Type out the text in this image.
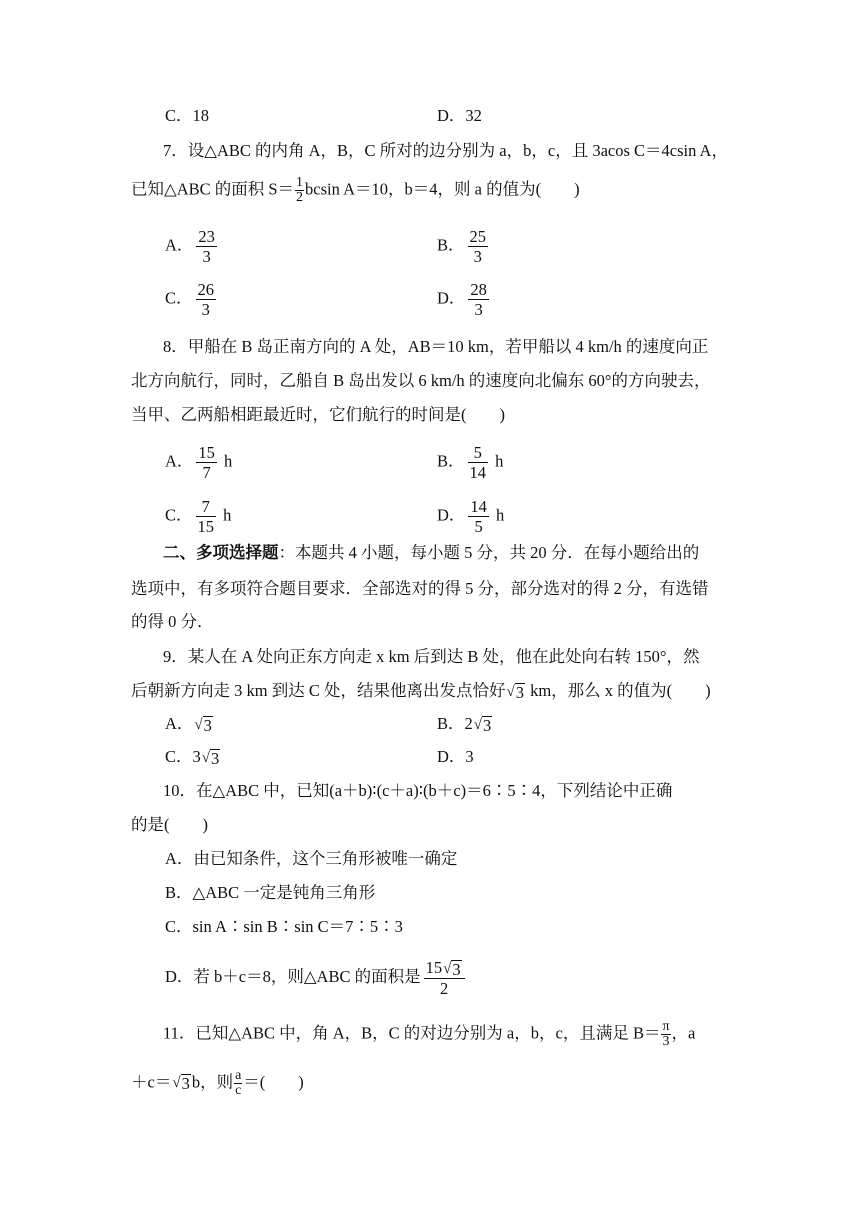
C．18	D．32
7．设△ABC 的内角 A，B，C 所对的边分别为 a，b，c，且 3acos C＝4csin A，
已知△ABC 的面积 $S= \frac{1}{2}$ bcsin A＝10，b＝4，则 a 的值为(　　)
A． $\frac{23}{3}$	B． $\frac{25}{3}$
C． $\frac{26}{3}$	D． $\frac{28}{3}$
8．甲船在 B 岛正南方向的 A 处，AB＝10 km，若甲船以 4 km/h 的速度向正
北方向航行，同时，乙船自 B 岛出发以 6 km/h 的速度向北偏东 60°的方向驶去，
当甲、乙两船相距最近时，它们航行的时间是(　　)
A． $\frac{15}{7}$ h	B． $\frac{5}{14}$ h
C． $\frac{7}{15}$ h	D． $\frac{14}{5}$ h
二、多项选择题：本题共 4 小题，每小题 5 分，共 20 分．在每小题给出的
选项中，有多项符合题目要求．全部选对的得 5 分，部分选对的得 2 分，有选错
的得 0 分．
9．某人在 A 处向正东方向走 x km 后到达 B 处，他在此处向右转 150°，然
后朝新方向走 3 km 到达 C 处，结果他离出发点恰好 √ 3 km，那么 x 的值为(　　)
A． √ 3	B．2 √ 3
C．3 √ 3	D．3
10．在△ABC 中，已知(a＋b)∶(c＋a)∶(b＋c)＝6∶5∶4，下列结论中正确
的是(　　)
A．由已知条件，这个三角形被唯一确定
B．△ABC 一定是钝角三角形
C．sin A∶sin B∶sin C＝7∶5∶3
D．若 b＋c＝8，则△ABC 的面积是 $\frac{15 √ 3}{2}$
11．已知△ABC 中，角 A，B，C 的对边分别为 a，b，c，且满足 $B= \frac{\pi}{3}$ ，a
＋c＝ √ 3 b，则 $\frac{a}{c}$ ＝(　　)
